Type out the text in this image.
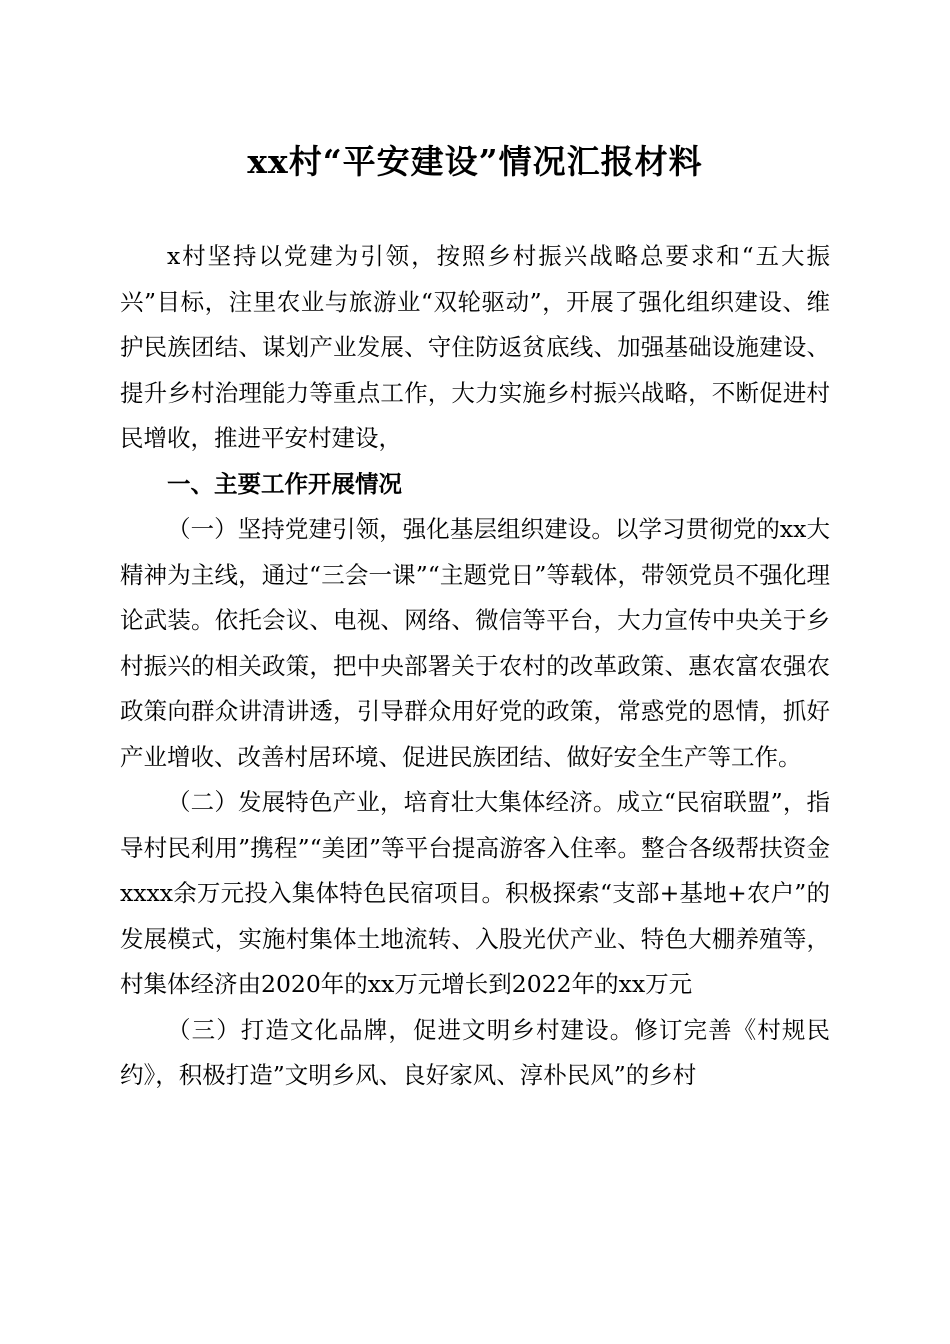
xx村“平安建设”情况汇报材料

x村坚持以党建为引领，按照乡村振兴战略总要求和“五大振兴”目标，注里农业与旅游业“双轮驱动”，开展了强化组织建设、维护民族团结、谋划产业发展、守住防返贫底线、加强基础设施建设、提升乡村治理能力等重点工作，大力实施乡村振兴战略，不断促进村民增收，推进平安村建设，

一、主要工作开展情况

（一）坚持党建引领，强化基层组织建设。以学习贯彻党的xx大精神为主线，通过“三会一课”“主题党日”等载体，带领党员不强化理论武装。依托会议、电视、网络、微信等平台，大力宣传中央关于乡村振兴的相关政策，把中央部署关于农村的改革政策、惠农富农强农政策向群众讲清讲透，引导群众用好党的政策，常惑党的恩情，抓好产业增收、改善村居环境、促进民族团结、做好安全生产等工作。

（二）发展特色产业，培育壮大集体经济。成立“民宿联盟”，指导村民利用”携程”“美团”等平台提高游客入住率。整合各级帮扶资金xxxx余万元投入集体特色民宿项目。积极探索“支部+基地+农户”的发展模式，实施村集体土地流转、入股光伏产业、特色大棚养殖等，村集体经济由2020年的xx万元增长到2022年的xx万元

（三）打造文化品牌，促进文明乡村建设。修订完善《村规民约》，积极打造”文明乡风、良好家风、淳朴民风”的乡村
